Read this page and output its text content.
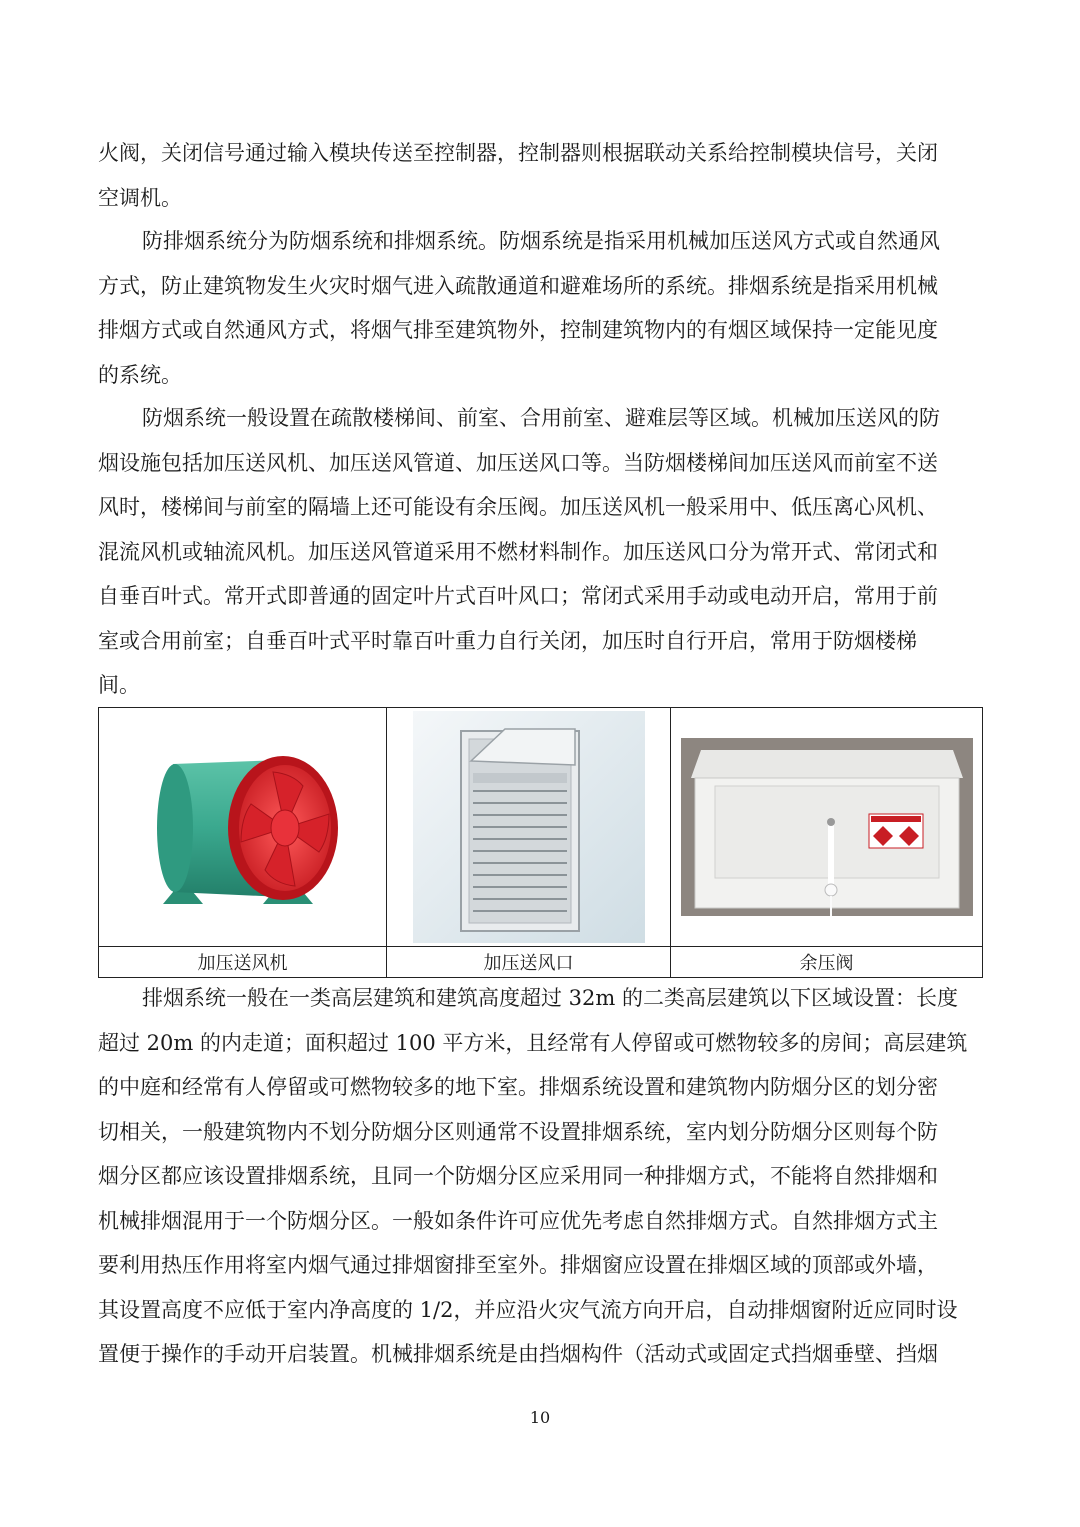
火阀，关闭信号通过输入模块传送至控制器，控制器则根据联动关系给控制模块信号，关闭
空调机。
防排烟系统分为防烟系统和排烟系统。防烟系统是指采用机械加压送风方式或自然通风
方式，防止建筑物发生火灾时烟气进入疏散通道和避难场所的系统。排烟系统是指采用机械
排烟方式或自然通风方式，将烟气排至建筑物外，控制建筑物内的有烟区域保持一定能见度
的系统。
防烟系统一般设置在疏散楼梯间、前室、合用前室、避难层等区域。机械加压送风的防
烟设施包括加压送风机、加压送风管道、加压送风口等。当防烟楼梯间加压送风而前室不送
风时，楼梯间与前室的隔墙上还可能设有余压阀。加压送风机一般采用中、低压离心风机、
混流风机或轴流风机。加压送风管道采用不燃材料制作。加压送风口分为常开式、常闭式和
自垂百叶式。常开式即普通的固定叶片式百叶风口；常闭式采用手动或电动开启，常用于前
室或合用前室；自垂百叶式平时靠百叶重力自行关闭，加压时自行开启，常用于防烟楼梯
间。

加压送风机	加压送风口	余压阀
排烟系统一般在一类高层建筑和建筑高度超过 32m 的二类高层建筑以下区域设置：长度
超过 20m 的内走道；面积超过 100 平方米，且经常有人停留或可燃物较多的房间；高层建筑
的中庭和经常有人停留或可燃物较多的地下室。排烟系统设置和建筑物内防烟分区的划分密
切相关，一般建筑物内不划分防烟分区则通常不设置排烟系统，室内划分防烟分区则每个防
烟分区都应该设置排烟系统，且同一个防烟分区应采用同一种排烟方式，不能将自然排烟和
机械排烟混用于一个防烟分区。一般如条件许可应优先考虑自然排烟方式。自然排烟方式主
要利用热压作用将室内烟气通过排烟窗排至室外。排烟窗应设置在排烟区域的顶部或外墙，
其设置高度不应低于室内净高度的 1/2，并应沿火灾气流方向开启，自动排烟窗附近应同时设
置便于操作的手动开启装置。机械排烟系统是由挡烟构件（活动式或固定式挡烟垂壁、挡烟
10
